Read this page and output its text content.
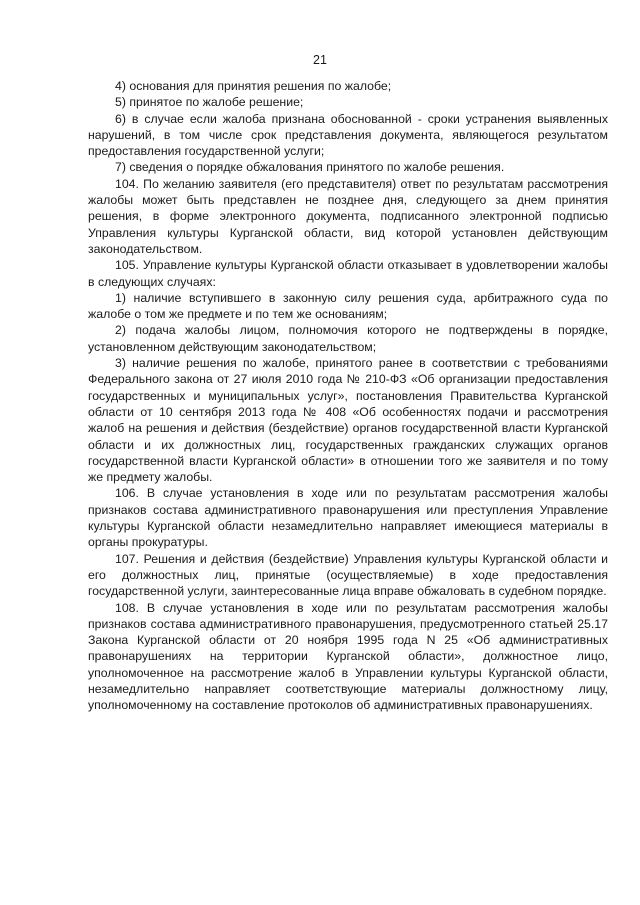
21

4) основания для принятия решения по жалобе;

5) принятое по жалобе решение;

6) в случае если жалоба признана обоснованной - сроки устранения выявленных нарушений, в том числе срок представления документа, являющегося результатом предоставления государственной услуги;

7) сведения о порядке обжалования принятого по жалобе решения.

104. По желанию заявителя (его представителя) ответ по результатам рассмотрения жалобы может быть представлен не позднее дня, следующего за днем принятия решения, в форме электронного документа, подписанного электронной подписью Управления культуры Курганской области, вид которой установлен действующим законодательством.

105. Управление культуры Курганской области отказывает в удовлетворении жалобы в следующих случаях:

1) наличие вступившего в законную силу решения суда, арбитражного суда по жалобе о том же предмете и по тем же основаниям;

2) подача жалобы лицом, полномочия которого не подтверждены в порядке, установленном действующим законодательством;

3) наличие решения по жалобе, принятого ранее в соответствии с требованиями Федерального закона от 27 июля 2010 года № 210-ФЗ «Об организации предоставления государственных и муниципальных услуг», постановления Правительства Курганской области от 10 сентября 2013 года № 408 «Об особенностях подачи и рассмотрения жалоб на решения и действия (бездействие) органов государственной власти Курганской области и их должностных лиц, государственных гражданских служащих органов государственной власти Курганской области» в отношении того же заявителя и по тому же предмету жалобы.

106. В случае установления в ходе или по результатам рассмотрения жалобы признаков состава административного правонарушения или преступления Управление культуры Курганской области незамедлительно направляет имеющиеся материалы в органы прокуратуры.

107. Решения и действия (бездействие) Управления культуры Курганской области и его должностных лиц, принятые (осуществляемые) в ходе предоставления государственной услуги, заинтересованные лица вправе обжаловать в судебном порядке.

108. В случае установления в ходе или по результатам рассмотрения жалобы признаков состава административного правонарушения, предусмотренного статьей 25.17 Закона Курганской области от 20 ноября 1995 года N 25 «Об административных правонарушениях на территории Курганской области», должностное лицо, уполномоченное на рассмотрение жалоб в Управлении культуры Курганской области, незамедлительно направляет соответствующие материалы должностному лицу, уполномоченному на составление протоколов об административных правонарушениях.
